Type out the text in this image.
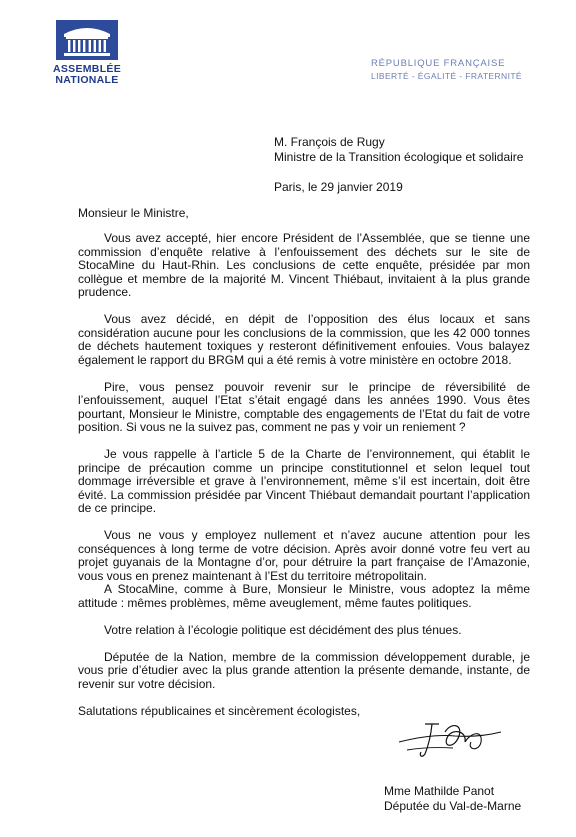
ASSEMBLÉE
NATIONALE
RÉPUBLIQUE FRANÇAISE
LIBERTÉ - ÉGALITÉ - FRATERNITÉ
M. François de Rugy
Ministre de la Transition écologique et solidaire
Paris, le 29 janvier 2019
Monsieur le Ministre,

Vous avez accepté, hier encore Président de l’Assemblée, que se tienne une commission d’enquête relative à l’enfouissement des déchets sur le site de StocaMine du Haut-Rhin. Les conclusions de cette enquête, présidée par mon collègue et membre de la majorité M. Vincent Thiébaut, invitaient à la plus grande prudence.

Vous avez décidé, en dépit de l’opposition des élus locaux et sans considération aucune pour les conclusions de la commission, que les 42 000 tonnes de déchets hautement toxiques y resteront définitivement enfouies. Vous balayez également le rapport du BRGM qui a été remis à votre ministère en octobre 2018.

Pire, vous pensez pouvoir revenir sur le principe de réversibilité de l’enfouissement, auquel l’Etat s’était engagé dans les années 1990. Vous êtes pourtant, Monsieur le Ministre, comptable des engagements de l’Etat du fait de votre position. Si vous ne la suivez pas, comment ne pas y voir un reniement ?

Je vous rappelle à l’article 5 de la Charte de l’environnement, qui établit le principe de précaution comme un principe constitutionnel et selon lequel tout dommage irréversible et grave à l’environnement, même s’il est incertain, doit être évité. La commission présidée par Vincent Thiébaut demandait pourtant l’application de ce principe.

Vous ne vous y employez nullement et n’avez aucune attention pour les conséquences à long terme de votre décision. Après avoir donné votre feu vert au projet guyanais de la Montagne d’or, pour détruire la part française de l’Amazonie, vous vous en prenez maintenant à l’Est du territoire métropolitain.

A StocaMine, comme à Bure, Monsieur le Ministre, vous adoptez la même attitude : mêmes problèmes, même aveuglement, même fautes politiques.

Votre relation à l’écologie politique est décidément des plus ténues.

Députée de la Nation, membre de la commission développement durable, je vous prie d’étudier avec la plus grande attention la présente demande, instante, de revenir sur votre décision.

Salutations républicaines et sincèrement écologistes,

Mme Mathilde Panot
Députée du Val-de-Marne
